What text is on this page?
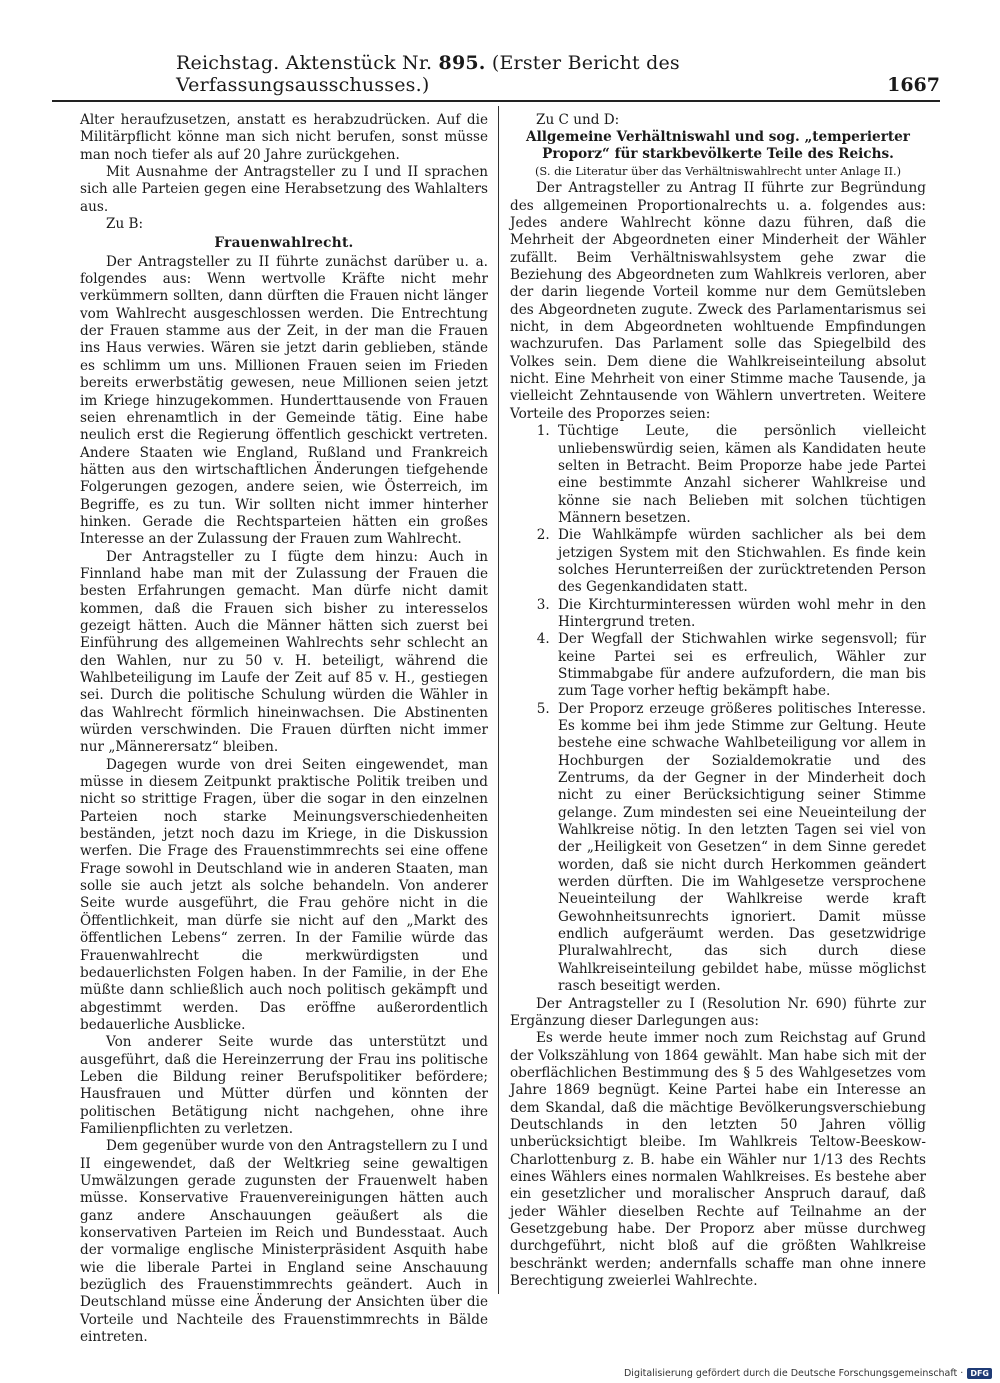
Reichstag. Aktenstück Nr. 895. (Erster Bericht des Verfassungsausschusses.)	1667

Alter heraufzusetzen, anstatt es herabzudrücken. Auf die Militärpflicht könne man sich nicht berufen, sonst müsse man noch tiefer als auf 20 Jahre zurückgehen.

Mit Ausnahme der Antragsteller zu I und II sprachen sich alle Parteien gegen eine Herabsetzung des Wahlalters aus.

Zu B:

Frauenwahlrecht.

Der Antragsteller zu II führte zunächst darüber u. a. folgendes aus: Wenn wertvolle Kräfte nicht mehr verkümmern sollten, dann dürften die Frauen nicht länger vom Wahlrecht ausgeschlossen werden. Die Entrechtung der Frauen stamme aus der Zeit, in der man die Frauen ins Haus verwies. Wären sie jetzt darin geblieben, stände es schlimm um uns. Millionen Frauen seien im Frieden bereits erwerbstätig gewesen, neue Millionen seien jetzt im Kriege hinzugekommen. Hunderttausende von Frauen seien ehrenamtlich in der Gemeinde tätig. Eine habe neulich erst die Regierung öffentlich geschickt vertreten. Andere Staaten wie England, Rußland und Frankreich hätten aus den wirtschaftlichen Änderungen tiefgehende Folgerungen gezogen, andere seien, wie Österreich, im Begriffe, es zu tun. Wir sollten nicht immer hinterher hinken. Gerade die Rechtsparteien hätten ein großes Interesse an der Zulassung der Frauen zum Wahlrecht.

Der Antragsteller zu I fügte dem hinzu: Auch in Finnland habe man mit der Zulassung der Frauen die besten Erfahrungen gemacht. Man dürfe nicht damit kommen, daß die Frauen sich bisher zu interesselos gezeigt hätten. Auch die Männer hätten sich zuerst bei Einführung des allgemeinen Wahlrechts sehr schlecht an den Wahlen, nur zu 50 v. H. beteiligt, während die Wahlbeteiligung im Laufe der Zeit auf 85 v. H., gestiegen sei. Durch die politische Schulung würden die Wähler in das Wahlrecht förmlich hineinwachsen. Die Abstinenten würden verschwinden. Die Frauen dürften nicht immer nur „Männerersatz“ bleiben.

Dagegen wurde von drei Seiten eingewendet, man müsse in diesem Zeitpunkt praktische Politik treiben und nicht so strittige Fragen, über die sogar in den einzelnen Parteien noch starke Meinungsverschiedenheiten beständen, jetzt noch dazu im Kriege, in die Diskussion werfen. Die Frage des Frauenstimmrechts sei eine offene Frage sowohl in Deutschland wie in anderen Staaten, man solle sie auch jetzt als solche behandeln. Von anderer Seite wurde ausgeführt, die Frau gehöre nicht in die Öffentlichkeit, man dürfe sie nicht auf den „Markt des öffentlichen Lebens“ zerren. In der Familie würde das Frauenwahlrecht die merkwürdigsten und bedauerlichsten Folgen haben. In der Familie, in der Ehe müßte dann schließlich auch noch politisch gekämpft und abgestimmt werden. Das eröffne außerordentlich bedauerliche Ausblicke.

Von anderer Seite wurde das unterstützt und ausgeführt, daß die Hereinzerrung der Frau ins politische Leben die Bildung reiner Berufspolitiker befördere; Hausfrauen und Mütter dürfen und könnten der politischen Betätigung nicht nachgehen, ohne ihre Familienpflichten zu verletzen.

Dem gegenüber wurde von den Antragstellern zu I und II eingewendet, daß der Weltkrieg seine gewaltigen Umwälzungen gerade zugunsten der Frauenwelt haben müsse. Konservative Frauenvereinigungen hätten auch ganz andere Anschauungen geäußert als die konservativen Parteien im Reich und Bundesstaat. Auch der vormalige englische Ministerpräsident Asquith habe wie die liberale Partei in England seine Anschauung bezüglich des Frauenstimmrechts geändert. Auch in Deutschland müsse eine Änderung der Ansichten über die Vorteile und Nachteile des Frauenstimmrechts in Bälde eintreten.

Zu C und D:

Allgemeine Verhältniswahl und sog. „temperierter Proporz“ für starkbevölkerte Teile des Reichs.
(S. die Literatur über das Verhältniswahlrecht unter Anlage II.)

Der Antragsteller zu Antrag II führte zur Begründung des allgemeinen Proportionalrechts u. a. folgendes aus: Jedes andere Wahlrecht könne dazu führen, daß die Mehrheit der Abgeordneten einer Minderheit der Wähler zufällt. Beim Verhältniswahlsystem gehe zwar die Beziehung des Abgeordneten zum Wahlkreis verloren, aber der darin liegende Vorteil komme nur dem Gemütsleben des Abgeordneten zugute. Zweck des Parlamentarismus sei nicht, in dem Abgeordneten wohltuende Empfindungen wachzurufen. Das Parlament solle das Spiegelbild des Volkes sein. Dem diene die Wahlkreiseinteilung absolut nicht. Eine Mehrheit von einer Stimme mache Tausende, ja vielleicht Zehntausende von Wählern unvertreten. Weitere Vorteile des Proporzes seien:

1. Tüchtige Leute, die persönlich vielleicht unliebenswürdig seien, kämen als Kandidaten heute selten in Betracht. Beim Proporze habe jede Partei eine bestimmte Anzahl sicherer Wahlkreise und könne sie nach Belieben mit solchen tüchtigen Männern besetzen.
2. Die Wahlkämpfe würden sachlicher als bei dem jetzigen System mit den Stichwahlen. Es finde kein solches Herunterreißen der zurücktretenden Person des Gegenkandidaten statt.
3. Die Kirchturminteressen würden wohl mehr in den Hintergrund treten.
4. Der Wegfall der Stichwahlen wirke segensvoll; für keine Partei sei es erfreulich, Wähler zur Stimmabgabe für andere aufzufordern, die man bis zum Tage vorher heftig bekämpft habe.
5. Der Proporz erzeuge größeres politisches Interesse. Es komme bei ihm jede Stimme zur Geltung. Heute bestehe eine schwache Wahlbeteiligung vor allem in Hochburgen der Sozialdemokratie und des Zentrums, da der Gegner in der Minderheit doch nicht zu einer Berücksichtigung seiner Stimme gelange. Zum mindesten sei eine Neueinteilung der Wahlkreise nötig. In den letzten Tagen sei viel von der „Heiligkeit von Gesetzen“ in dem Sinne geredet worden, daß sie nicht durch Herkommen geändert werden dürften. Die im Wahlgesetze versprochene Neueinteilung der Wahlkreise werde kraft Gewohnheitsunrechts ignoriert. Damit müsse endlich aufgeräumt werden. Das gesetzwidrige Pluralwahlrecht, das sich durch diese Wahlkreiseinteilung gebildet habe, müsse möglichst rasch beseitigt werden.

Der Antragsteller zu I (Resolution Nr. 690) führte zur Ergänzung dieser Darlegungen aus:

Es werde heute immer noch zum Reichstag auf Grund der Volkszählung von 1864 gewählt. Man habe sich mit der oberflächlichen Bestimmung des § 5 des Wahlgesetzes vom Jahre 1869 begnügt. Keine Partei habe ein Interesse an dem Skandal, daß die mächtige Bevölkerungsverschiebung Deutschlands in den letzten 50 Jahren völlig unberücksichtigt bleibe. Im Wahlkreis Teltow-Beeskow-Charlottenburg z. B. habe ein Wähler nur 1/13 des Rechts eines Wählers eines normalen Wahlkreises. Es bestehe aber ein gesetzlicher und moralischer Anspruch darauf, daß jeder Wähler dieselben Rechte auf Teilnahme an der Gesetzgebung habe. Der Proporz aber müsse durchweg durchgeführt, nicht bloß auf die größten Wahlkreise beschränkt werden; andernfalls schaffe man ohne innere Berechtigung zweierlei Wahlrechte.

Digitalisierung gefördert durch die Deutsche Forschungsgemeinschaft · DFG
